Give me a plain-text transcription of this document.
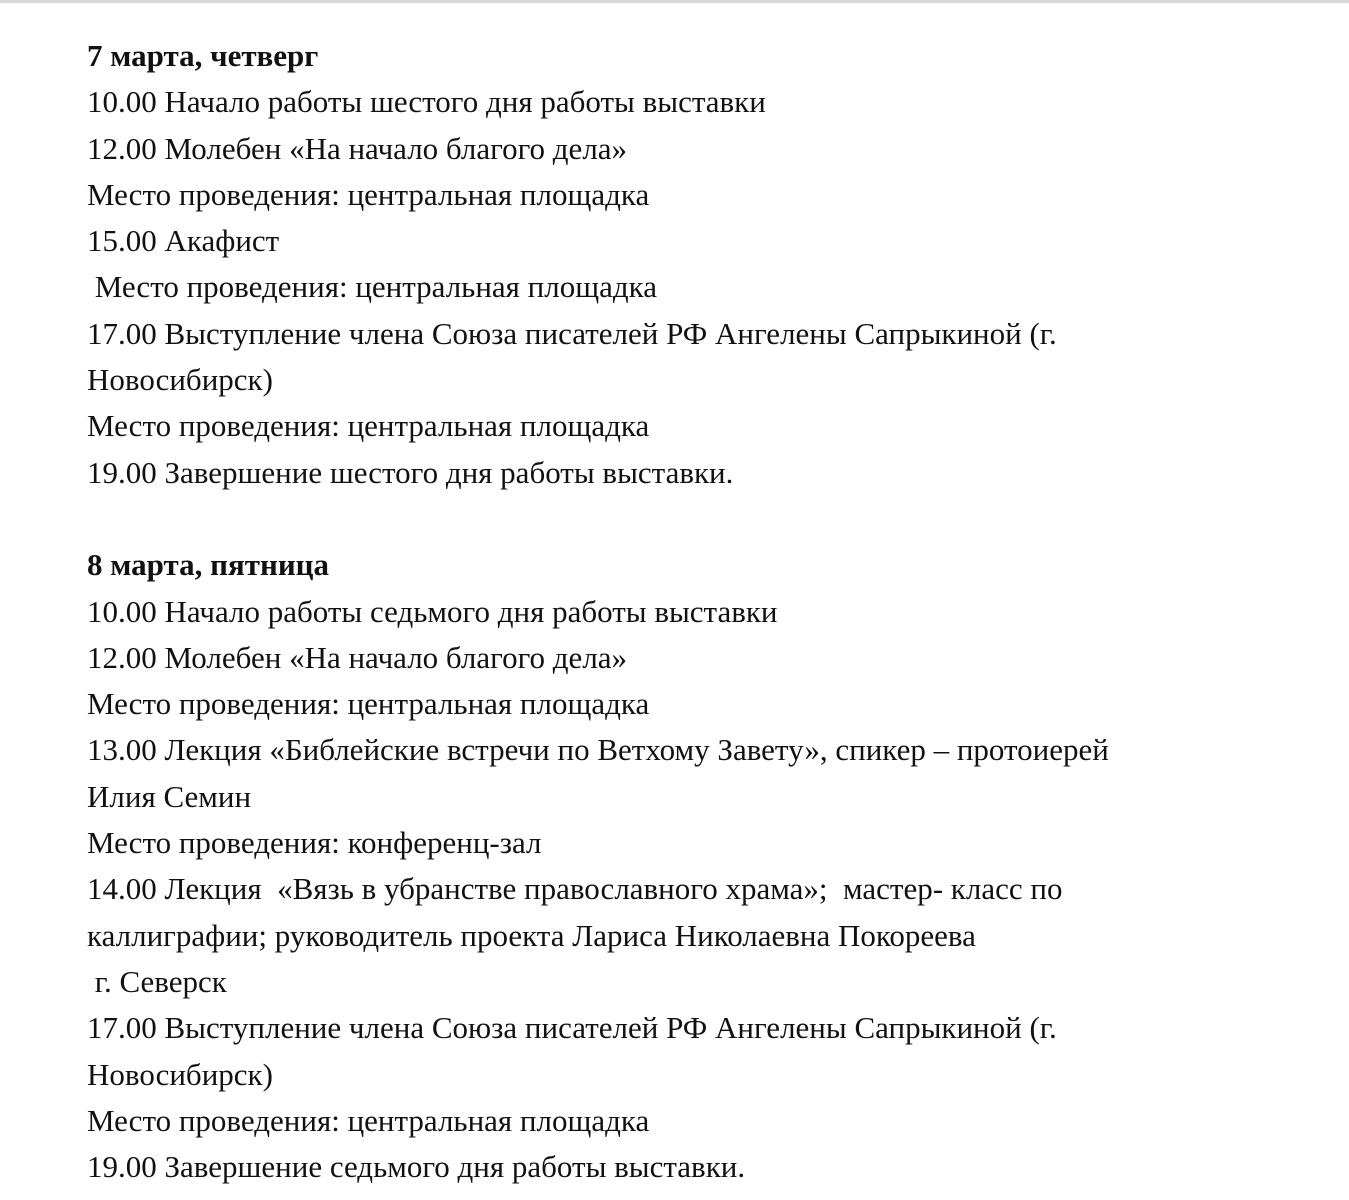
7 марта, четверг
10.00 Начало работы шестого дня работы выставки
12.00 Молебен «На начало благого дела»
Место проведения: центральная площадка
15.00 Акафист
Место проведения: центральная площадка
17.00 Выступление члена Союза писателей РФ Ангелены Сапрыкиной (г.
Новосибирск)
Место проведения: центральная площадка
19.00 Завершение шестого дня работы выставки.
8 марта, пятница
10.00 Начало работы седьмого дня работы выставки
12.00 Молебен «На начало благого дела»
Место проведения: центральная площадка
13.00 Лекция «Библейские встречи по Ветхому Завету», спикер – протоиерей
Илия Семин
Место проведения: конференц-зал
14.00 Лекция  «Вязь в убранстве православного храма»;  мастер- класс по
каллиграфии; руководитель проекта Лариса Николаевна Покореева
г. Северск
17.00 Выступление члена Союза писателей РФ Ангелены Сапрыкиной (г.
Новосибирск)
Место проведения: центральная площадка
19.00 Завершение седьмого дня работы выставки.
